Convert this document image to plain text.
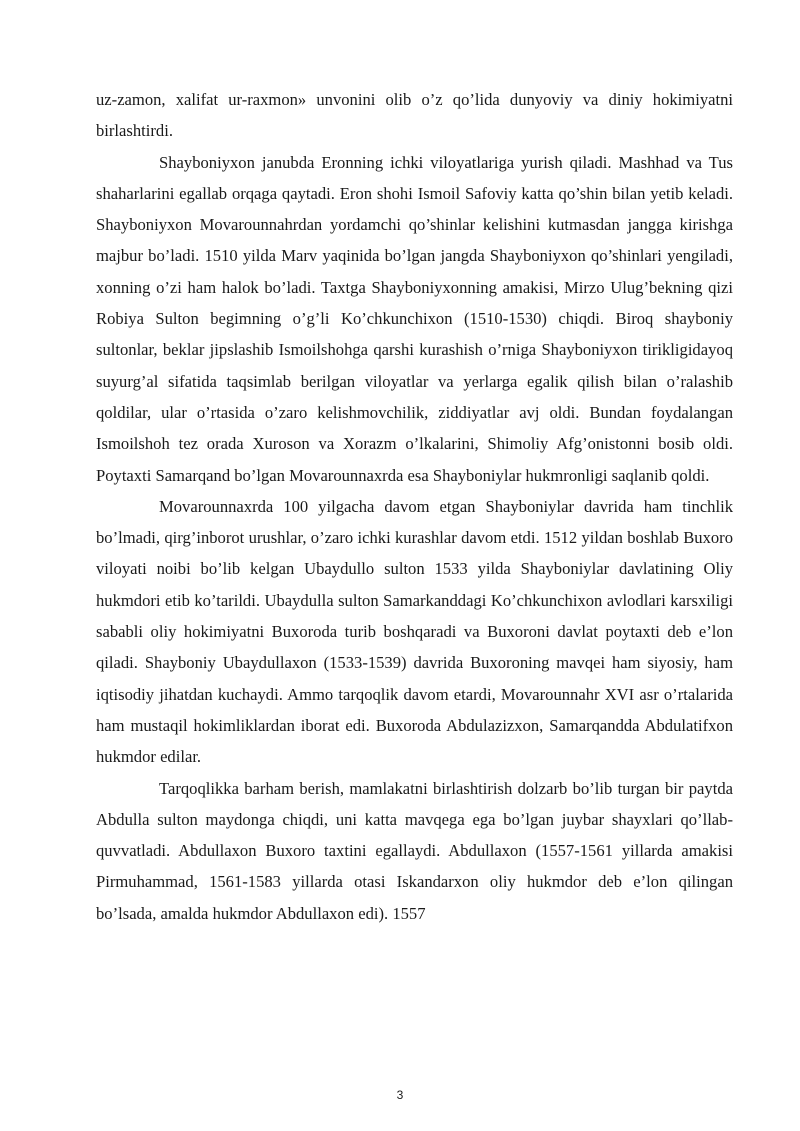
uz-zamon, xalifat ur-raxmon» unvonini olib o’z qo’lida dunyoviy va diniy hokimiyatni birlashtirdi.

Shayboniyxon janubda Eronning ichki viloyatlariga yurish qiladi. Mashhad va Tus shaharlarini egallab orqaga qaytadi. Eron shohi Ismoil Safoviy katta qo’shin bilan yetib keladi. Shayboniyxon Movarounnahrdan yordamchi qo’shinlar kelishini kutmasdan jangga kirishga majbur bo’ladi. 1510 yilda Marv yaqinida bo’lgan jangda Shayboniyxon qo’shinlari yengiladi, xonning o’zi ham halok bo’ladi. Taxtga Shayboniyxonning amakisi, Mirzo Ulug’bekning qizi Robiya Sulton begimning o’g’li Ko’chkunchixon (1510-1530) chiqdi. Biroq shayboniy sultonlar, beklar jipslashib Ismoilshohga qarshi kurashish o’rniga Shayboniyxon tirikligidayoq suyurg’al sifatida taqsimlab berilgan viloyatlar va yerlarga egalik qilish bilan o’ralashib qoldilar, ular o’rtasida o’zaro kelishmovchilik, ziddiyatlar avj oldi. Bundan foydalangan Ismoilshoh tez orada Xuroson va Xorazm o’lkalarini, Shimoliy Afg’onistonni bosib oldi. Poytaxti Samarqand bo’lgan Movarounnaxrda esa Shayboniylar hukmronligi saqlanib qoldi.

Movarounnaxrda 100 yilgacha davom etgan Shayboniylar davrida ham tinchlik bo’lmadi, qirg’inborot urushlar, o’zaro ichki kurashlar davom etdi. 1512 yildan boshlab Buxoro viloyati noibi bo’lib kelgan Ubaydullo sulton 1533 yilda Shayboniylar davlatining Oliy hukmdori etib ko’tarildi. Ubaydulla sulton Samarkanddagi Ko’chkunchixon avlodlari karsxiligi sababli oliy hokimiyatni Buxoroda turib boshqaradi va Buxoroni davlat poytaxti deb e’lon qiladi. Shayboniy Ubaydullaxon (1533-1539) davrida Buxoroning mavqei ham siyosiy, ham iqtisodiy jihatdan kuchaydi. Ammo tarqoqlik davom etardi, Movarounnahr XVI asr o’rtalarida ham mustaqil hokimliklardan iborat edi. Buxoroda Abdulazizxon, Samarqandda Abdulatifxon hukmdor edilar.

Tarqoqlikka barham berish, mamlakatni birlashtirish dolzarb bo’lib turgan bir paytda Abdulla sulton maydonga chiqdi, uni katta mavqega ega bo’lgan juybar shayxlari qo’llab-quvvatladi. Abdullaxon Buxoro taxtini egallaydi. Abdullaxon (1557-1561 yillarda amakisi Pirmuhammad, 1561-1583 yillarda otasi Iskandarxon oliy hukmdor deb e’lon qilingan bo’lsada, amalda hukmdor Abdullaxon edi). 1557

3
